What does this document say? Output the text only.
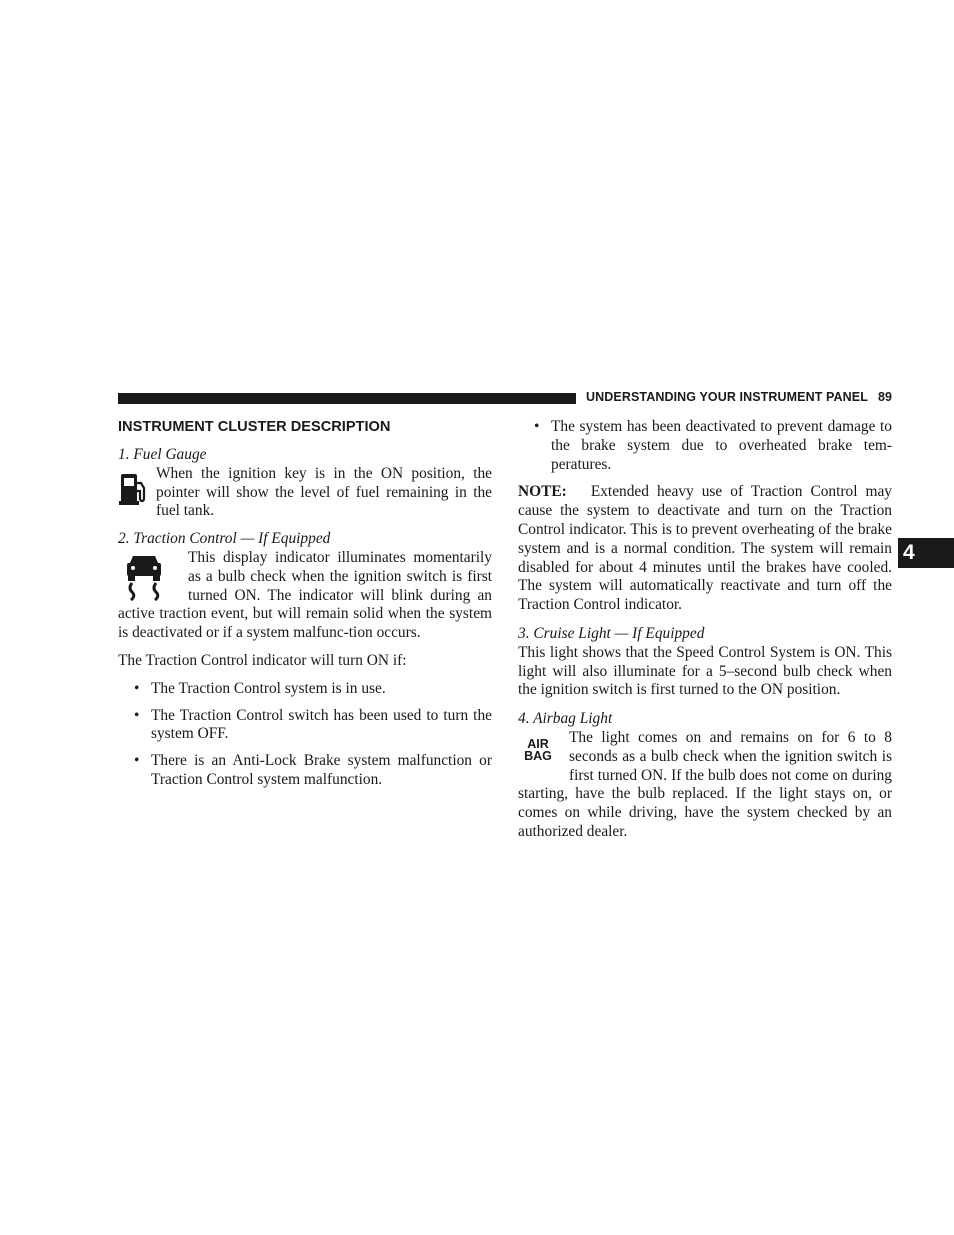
UNDERSTANDING YOUR INSTRUMENT PANEL 89
4
INSTRUMENT CLUSTER DESCRIPTION

1. Fuel Gauge

When the ignition key is in the ON position, the pointer will show the level of fuel remaining in the fuel tank.

2. Traction Control — If Equipped

This display indicator illuminates momentarily as a bulb check when the ignition switch is first turned ON. The indicator will blink during an active traction event, but will remain solid when the system is deactivated or if a system malfunc-tion occurs.

The Traction Control indicator will turn ON if:

• The Traction Control system is in use.
• The Traction Control switch has been used to turn the system OFF.
• There is an Anti-Lock Brake system malfunction or Traction Control system malfunction.
• The system has been deactivated to prevent damage to the brake system due to overheated brake tem-peratures.

NOTE: Extended heavy use of Traction Control may cause the system to deactivate and turn on the Traction Control indicator. This is to prevent overheating of the brake system and is a normal condition. The system will remain disabled for about 4 minutes until the brakes have cooled. The system will automatically reactivate and turn off the Traction Control indicator.

3. Cruise Light — If Equipped

This light shows that the Speed Control System is ON. This light will also illuminate for a 5–second bulb check when the ignition switch is first turned to the ON position.

4. Airbag Light

AIR
BAG
The light comes on and remains on for 6 to 8 seconds as a bulb check when the ignition switch is first turned ON. If the bulb does not come on during starting, have the bulb replaced. If the light stays on, or comes on while driving, have the system checked by an authorized dealer.
